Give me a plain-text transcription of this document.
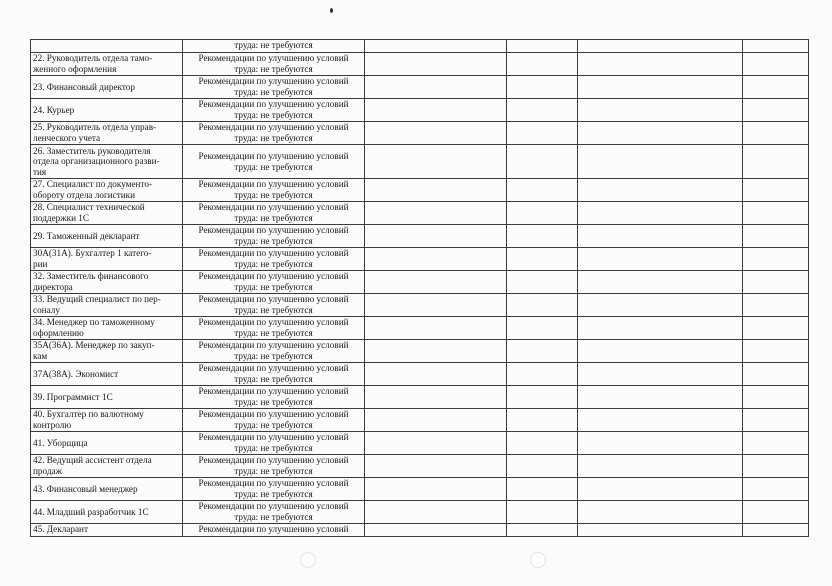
	труда: не требуются				
22. Руководитель отдела тамо-
женного оформления	Рекомендации по улучшению условий
труда: не требуются				
23. Финансовый директор	Рекомендации по улучшению условий
труда: не требуются				
24. Курьер	Рекомендации по улучшению условий
труда: не требуются				
25. Руководитель отдела управ-
ленческого учета	Рекомендации по улучшению условий
труда: не требуются				
26. Заместитель руководителя
отдела организационного разви-
тия	Рекомендации по улучшению условий
труда: не требуются				
27. Специалист по документо-
обороту отдела логистики	Рекомендации по улучшению условий
труда: не требуются				
28. Специалист технической
поддержки 1С	Рекомендации по улучшению условий
труда: не требуются				
29. Таможенный декларант	Рекомендации по улучшению условий
труда: не требуются				
30А(31А). Бухгалтер 1 катего-
рии	Рекомендации по улучшению условий
труда: не требуются				
32. Заместитель финансового
директора	Рекомендации по улучшению условий
труда: не требуются				
33. Ведущий специалист по пер-
соналу	Рекомендации по улучшению условий
труда: не требуются				
34. Менеджер по таможенному
оформлению	Рекомендации по улучшению условий
труда: не требуются				
35А(36А). Менеджер по закуп-
кам	Рекомендации по улучшению условий
труда: не требуются				
37А(38А). Экономист	Рекомендации по улучшению условий
труда: не требуются				
39. Программист 1С	Рекомендации по улучшению условий
труда: не требуются				
40. Бухгалтер по валютному
контролю	Рекомендации по улучшению условий
труда: не требуются				
41. Уборщица	Рекомендации по улучшению условий
труда: не требуются				
42. Ведущий ассистент отдела
продаж	Рекомендации по улучшению условий
труда: не требуются				
43. Финансовый менеджер	Рекомендации по улучшению условий
труда: не требуются				
44. Младший разработчик 1С	Рекомендации по улучшению условий
труда: не требуются				
45. Декларант	Рекомендации по улучшению условий				
